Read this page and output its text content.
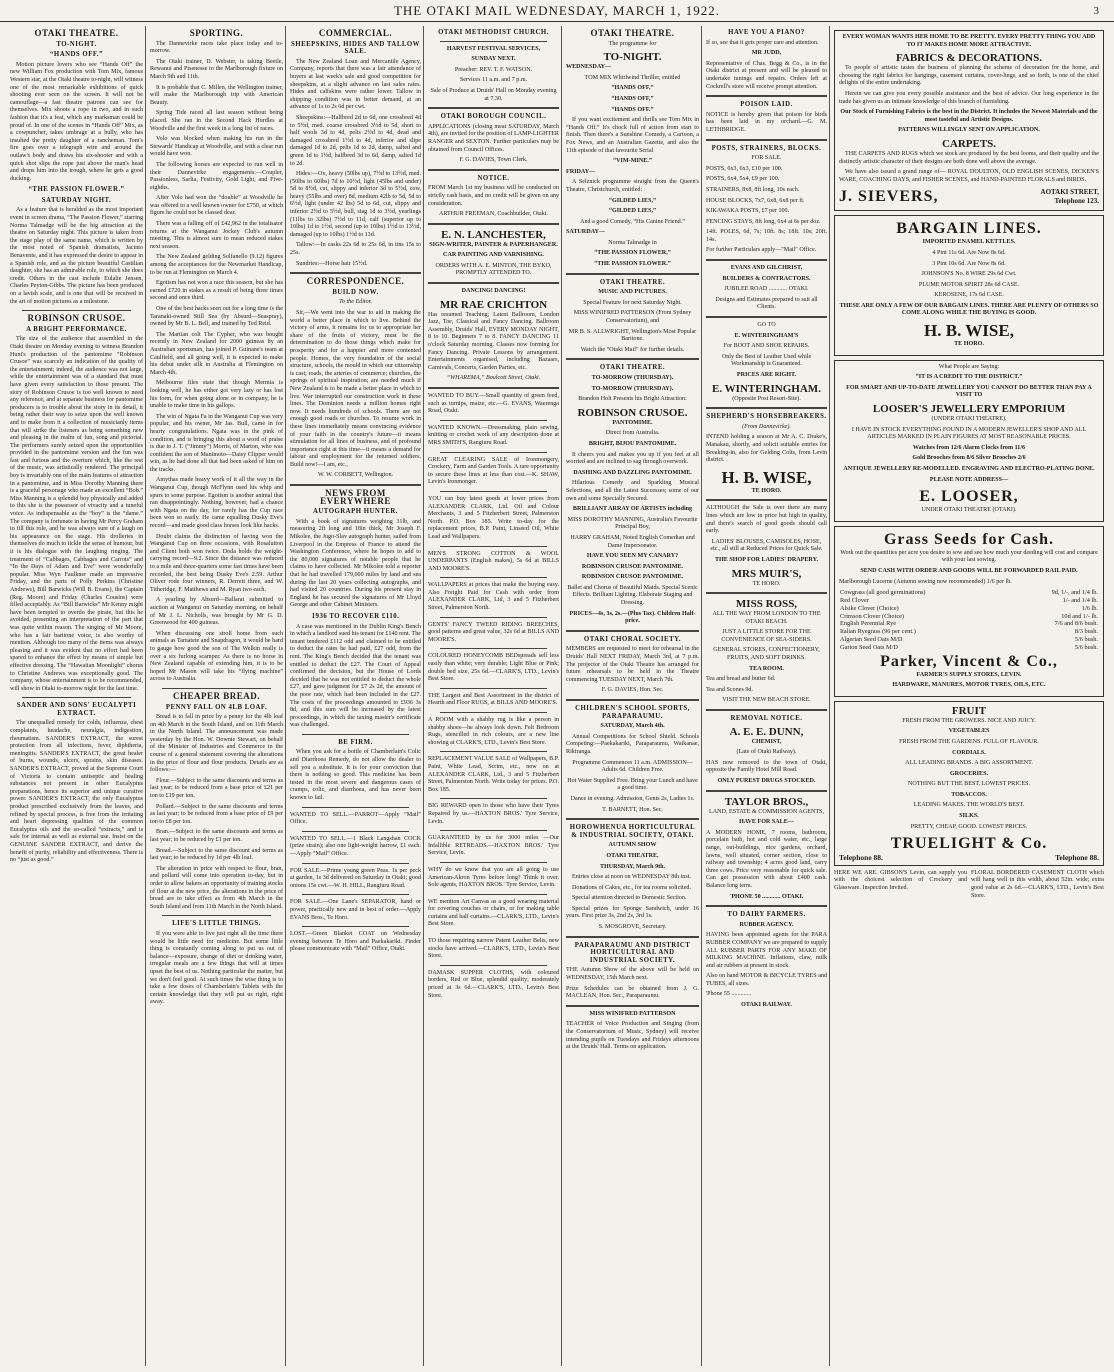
THE OTAKI MAIL WEDNESDAY, MARCH 1, 1922.	3
OTAKI THEATRE.
TO-NIGHT.
“HANDS OFF.”

Motion picture lovers who see “Hands Off” the new William Fox production with Tom Mix, famous Western star, at the Otaki theatre to-night, will witness one of the most remarkable exhibitions of quick shooting ever seen on the screen. It will not be camouflage—a fast theatre patrons can see for themselves. Mix shoots a rope in two, and in such fashion that it's a feat, which any marksman could be proud of. In one of the scenes in “Hands Off” Mix, as a cowpuncher, takes umbrage at a bully, who has insulted the pretty daughter of a rancheman. Tom's fire goes over a telegraph wire and around the outlaw's body and draws his six-shooter and with a quick shot slips the rope just above the man's head and drops him into the trough, where he gets a good ducking.

“THE PASSION FLOWER.”
SATURDAY NIGHT.

As a feature that is heralded as the most important event in screen drama, “The Passion Flower,” starring Norma Talmadge will be the big attraction at the theatre on Saturday night. This picture is taken from the stage play of the same name, which is written by the most noted of Spanish dramatists, Jacinto Benavente, and it has expressed the desire to appear in a Spanish role, and as the picture beautiful Castilian daughter, she has an admirable role, to which she does credit. Others in the cast include Eulalie Jensen, Charles Peyton-Gibbs. The picture has been produced on a lavish scale, and is one that will be received in the art of motion pictures as a milestone.

ROBINSON CRUSOE.
A BRIGHT PERFORMANCE.

The size of the audience that assembled in the Otaki theatre on Monday evening to witness Brandon Hunt's production of the pantomime “Robinson Crusoe” was scarcely an indication of the quality of the entertainment; indeed, the audience was not large, while the entertainment was of a standard that must have given every satisfaction to those present. The story of Robinson Crusoe is too well known to need any reference, and at separate business for pantomime producers is to trouble about the story in its detail, it being rather their way to seize upon the well known and to make from it a collection of musicianly items that will strike the listeners as being something new and pleasing in the realm of fun, song and pictorial. The performers surely seized upon the opportunities provided in the pantomime version and the fun was fast and furious and the overture which, like the rest of the music, was artistically rendered. The principal boy is invariably one of the main features of attraction in a pantomime, and in Miss Dorothy Manning there is a graceful personage who made an excellent “Bob.” Miss Manning is a splendid boy physically and added to this she is the possessor of vivacity and a tuneful voice. As indispensable as the “boy” is the “dame.” The company is fortunate in having Mr Percy Graham to fill this role, and he was always sure of a laugh on his appearance on the stage. His drolleries in themselves do much to tickle the sense of humour, but it is his dialogue with the laughing ringing. The treatment of “Cabbages, Cabbages and Carrots” and “In the Days of Adam and Eve” were wonderfully popular. Miss Wyn Faulkner made an impressive Friday, and the parts of Polly Perkins (Christine Andrews), Bill Barwicks (Will B. Evans), the Captain (Reg. Moore) and Friday (Charles Cousins) were filled acceptably. As “Bill Barwicks” Mr Kenny might have been tempted to overdo the pirate, but this he avoided, presenting an interpretation of the part that was quite within reason. The singing of Mr Moore, who has a fair baritone voice, is also worthy of mention. Although too many of the items was always pleasing and it was evident that no effort had been spared to enhance the effect by means of simple but effective dressing. The “Hawaiian Moonlight” chorus to Christine Andrews was exceptionally good. The company, whose entertainment is to be recommended, will show in Otaki to-morrow night for the last time.

SANDER AND SONS' EUCALYPTI EXTRACT.

The unequalled remedy for colds, influenza, chest complaints, headache, neuralgia, indigestion, rheumatism. SANDER'S EXTRACT, the surest protection from all infections, fever, diphtheria, meningitis. SANDER'S EXTRACT, the great healer of burns, wounds, ulcers, sprains, skin diseases. SANDER'S EXTRACT, proved at the Supreme Court of Victoria to contain antiseptic and healing substances not present in other Eucalyptus preparations, hence its superior and unique curative power. SANDER'S EXTRACT, the only Eucalyptus product prescribed exclusively from the leaves, and refined by special process, is free from the irritating and heart depressing qualities of the common Eucalyptus oils and the so-called “extracts,” and is safe for internal as well as external use. Insist on the GENUINE SANDER EXTRACT, and derive the benefit of purity, reliability and effectiveness. There is no “just as good.”

SPORTING.

The Dannevirke races take place today and to-morrow.

The Otaki trainer, D. Webster, is taking Beetle, Rewanui and Pisenesse to the Marlborough fixture on March 9th and 11th.

It is probable that C. Millen, the Wellington trainer, will make the Marlborough trip with American Beauty.

Spring Tide raced all last season without being placed. She ran in the Second Hack Hurdles at Woodville and the first week in a long list of races.

Volo was blocked when making his run in the Stewards' Handicap at Woodville, and with a clear run would have won.

The following horses are expected to run well in their Dannevirke engagements:—Coupler, Passionless, Sarlia, Festivity, Gold Light, and Five-eighths.

After Volo had won the “double” at Woodville he was offered to a well known owner for £750, at which figure he could not be classed dear.

There was a falling off of £42,962 in the totalisator returns at the Wanganui Jockey Club's autumn meeting. This is almost sure to mean reduced stakes next season.

The New Zealand gelding Solfanello (9.12) figures among the acceptances for the Newmarket Handicap, to be run at Flemington on March 4.

Egotism has not won a race this season, but she has earned £720 in stakes as a result of being three times second and once third.

One of the best hacks seen out for a long time is the Taranaki-owned Still Sea (by Absurd—Seaspray), owned by Mr B. L. Bell, and trained by Ted Reid.

The Martian colt The Cypher, who was bought recently in New Zealand for 2000 guineas by an Australian sportsman, has joined P. Guinane's team at Caulfield, and all going well, it is expected to make his debut under silk in Australia at Flemington on March 4th.

Melbourne files state that though Mermia is looking well, he has either got very lazy or has lost his form, for when going alone or in company, he is unable to make time in his gallops.

The win of Ngata Fa in the Wanganui Cup was very popular, and his owner, Mr Jas. Bull, came in for hearty congratulations. Ngata was in the pink of condition, and is bringing this about a word of praise is due to J. T. (“Jimmy”) Morris, of Marton, who was confident the son of Manimoto—Daisy Clipper would win, as he had done all that had been asked of him on the tracks.

Amythas made heavy work of it all the way in the Wanganui Cup, though McFlynn used his whip and spurs to some purpose. Egotism is another animal that ran disappointingly. Nothing, however, had a chance with Ngata on the day, for rarely has the Cup race been won so easily. He came equalling Dusky Eve's record—and made good class horses look like hacks.

Doubt claims the distinction of having won the Wanganui Cup on three occasions, with Rosaluiton and Client both won twice. Doda holds the weight-carrying record—9.2. Since the distance was reduced to a mile and three-quarters some fast times have been recorded, the best being Dusky Eve's 2.59. Arthur Oliver rode four winners, R. Derrett three, and W. Titheridge, F. Matthews and M. Ryan two each.

A yearling by Absurd—Ballarat submitted to auction at Wanganui on Saturday morning, on behalf of Mr J. L. Nicholls, was brought by Mr G. D. Greenwood for 400 guineas.

When discussing one stroll home from such animals as Tamatete and Snapdragon, it would be hard to gauge how good the son of The Welkin really is over a six furlong scamper. As there is no horse in New Zealand capable of extending him, it is to be hoped Mr Mason will take his “flying machine” across to Australia.

CHEAPER BREAD.
PENNY FALL ON 4LB LOAF.

Bread is to fall in price by a penny for the 4lb loaf on 4th March in the South Island, and on 11th March in the North Island. The announcement was made yesterday by the Hon. W. Downie Stewart, on behalf of the Minister of Industries and Commerce in the course of a general statement covering the alterations in the price of flour and flour products. Details are as follows:—

Flour.—Subject to the same discounts and terms as last year; to be reduced from a base price of £21 per ton to £19 per ton.

Pollard.—Subject to the same discounts and terms as last year; to be reduced from a base price of £9 per ton to £8 per ton.

Bran.—Subject to the same discounts and terms as last year; to be reduced by £1 per ton.

Bread.—Subject to the same discount and terms as last year; to be reduced by 1d per 4lb loaf.

The alteration in price with respect to flour, bran, and pollard will come into operation to-day, but in order to allow bakers an opportunity of training stocks of flour at the new price, the alterations in the price of bread are to take effect as from 4th March in the South Island and from 11th March in the North Island.

LIFE'S LITTLE THINGS.

If you were able to live just right all the time there would be little need for medicine. But some little thing is constantly coming along to put us out of balance—exposure, change of diet or drinking water, irregular meals are a few things that will at times upset the best of us. Nothing particular the matter, but we don't feel good. At such times the wise thing is to take a few doses of Chamberlain's Tablets with the certain knowledge that they will put us right, right away.

COMMERCIAL.
SHEEPSKINS, HIDES AND TALLOW SALE.

The New Zealand Loan and Mercantile Agency, Company, reports that there was a fair attendance of buyers at last week's sale and good competition for sheepskins, at a slight advance on last sales rates. Hides and calfskins were rather lower. Tallow in shipping condition was in better demand, at an advance of 1s to 2s 6d per cwt.

Sheepskins:—Halfbred 2d to 6d, one crossbred 4d to 5½d, med. coarse crossbred 3½d to 5d, short to half wools 3d to 4d, pelts 2½d to 4d, dead and damaged crossbred 1½d to 4d, inferior and slipe damaged 1d to 2d, pelts 1d to 2d, damp, salted and green 1d to 1½d, halfbred 3d to 6d, damp, salted 1d to 2d.

Hides:—Ox, heavy (50lbs up), 7½d to 13½d, med. (50lbs to 60lbs) 7d to 10½d, light (45lbs and under) 5d to 8½d, cut, slippy and inferior 3d to 5½d, cow, heavy (55lbs and over) 8d, medium 42lb to 5d, 5d to 6½d, light (under 42 lbs) 5d to 6d, cut, slippy and inferior 2½d to 5½d, bull, stag 1d to 3½d, yearlings (11lbs to 32lbs) 7½d to 11d, calf (superior up to 10lbs) 1d to 1½d, second (up to 10lbs) 1½d to 13½d, damaged (up to 10lbs) 1½d to 13d.

Tallow:—In casks 22s 6d to 25s 6d, in tins 15s to 25s.

Sundries:—Horse hair 15½d.

CORRESPONDENCE.
BUILD NOW.

To the Editor.

Sir,—We went into the war to aid in making the world a better place in which to live. Behind the victory of arms, it remains for us to appropriate her share of the fruits of victory, must be the determination to do those things which make for prosperity and for a happier and more contented people. Homes, the very foundation of the social structure, schools, the mould in which our citizenship is cast; roads, the arteries of commerce; churches, the springs of spiritual inspiration; are needed much if New Zealand is to be made a better place in which to live. War interrupted our construction work in these lines. The Dominion needs a million homes right now. It needs hundreds of schools. There are not enough good roads or churches. To resume work in these lines immediately means convincing evidence of your faith in the country's future—it means stimulation for all lines of business, and of profound importance right at this time—it means a demand for labour and employment for the returned soldiers. Build now!—I am, etc.,

W. W. CORBETT, Wellington.

NEWS FROM EVERYWHERE
AUTOGRAPH HUNTER.

With a book of signatures weighing 31lb, and measuring 2ft long and 18in thick, Mr Joseph F. Mikolee, the Jugo-Slav autograph hunter, sailed from Liverpool in the Empress of France to attend the Washington Conference, where he hopes to add to the 80,000 signatures of notable people that he claims to have collected. Mr Mikolee told a reporter that he had travelled 179,000 miles by land and sea during the last 20 years collecting autographs, and had visited 20 countries. During his present stay in England he has secured the signatures of Mr Lloyd George and other Cabinet Ministers.

1936 TO RECOVER £110.

A case was mentioned in the Dublin King's Bench in which a landlord sued his tenant for £140 rent. The tenant tendered £112 odd and claimed to be entitled to deduct the rates he had paid, £27 odd, from the rent. The King's Bench decided that the tenant was entitled to deduct the £27. The Court of Appeal confirmed the decision, but the House of Lords decided that he was not entitled to deduct the whole £27, and gave judgment for £7 2s 2d, the amount of the poor rate, which had been included in the £27. The costs of the proceedings amounted to £936 3s 8d, and this sum will be increased by the latest proceedings, in which the taxing master's certificate was challenged.

BE FIRM.

When you ask for a bottle of Chamberlain's Colic and Diarrhoea Remedy, do not allow the dealer to sell you a substitute. It is for your conviction that there is nothing so good. This medicine has been tested in the most severe and dangerous cases of cramps, colic, and diarrhoea, and has never been known to fail.

WANTED TO SELL.—PARROT—Apply “Mail” Office.

WANTED TO SELL.—1 Black Langshan COCK (prize strain); also one light-weight harrow, £1 each.—Apply “Mail” Office.

FOR SALE.—Prime young green Peas. 1s per peck at garden, 1s 3d delivered on Saturday in Otaki; good onions 15s cwt.—W. H. HILL, Rangiuru Road.

FOR SALE.—One Lane's SEPARATOR, hand or power, practically new and in best of order.—Apply EVANS Bros., Te Horo.

LOST.—Green Blanket COAT on Wednesday evening between Te Horo and Paekakariki. Finder please communicate with “Mail” Office, Otaki.

OTAKI METHODIST CHURCH.

HARVEST FESTIVAL SERVICES,

SUNDAY NEXT.

Preacher: REV. T. F. WATSON.

Services 11 a.m. and 7 p.m.

Sale of Produce at Druids' Hall on Monday evening at 7.30.

OTAKI BOROUGH COUNCIL.

APPLICATIONS (closing meat SATURDAY, March 4th), are invited for the position of LAMP-LIGHTER RANGER and SEXTON. Further particulars may be obtained from Council Offices.

F. G. DAVIES, Town Clerk.

NOTICE.

FROM March 1st my business will be conducted on strictly cash basis, and no credit will be given on any consideration.

ARTHUR FREEMAN, Coachbuilder, Otaki.

E. N. LANCHESTER,

SIGN-WRITER, PAINTER & PAPERHANGER.

CAR PAINTING AND VARNISHING.

ORDERS WITH A. E. MINTON, THE BYKO, PROMPTLY ATTENDED TO.

DANCING! DANCING!

MR RAE CRICHTON

Has resumed Teaching; Latest Ballroom, London Jazz, Toe, Classical and Fancy Dancing. Ballroom Assembly, Druids' Hall, EVERY MONDAY NIGHT, 8 to 10. Beginners 7 to 8. FANCY DANCING 11 o'clock Saturday morning. Classes now forming for Fancy Dancing. Private Lessons by arrangement. Entertainments organised, including Bazaars, Carnivals, Concerts, Garden Parties, etc.

“WHAREMA,” Boulcott Street, Otaki.

WANTED TO BUY.—Small quantity of green feed, such as turnips, maize, etc.—G. EVANS, Waerenga Road, Otaki.

WANTED KNOWN.—Dressmaking, plain sewing, knitting or crochet work of any description done at MRS SMITH'S, Rangiuru Road.

GREAT CLEARING SALE of Ironmongery, Crockery, Farm and Garden Tools. A rare opportunity to secure these lines at less than cost.—K. SHAW, Levin's Ironmonger.

YOU can buy latest goods at lower prices from ALEXANDER CLARK, Ltd. Oil and Colour Merchants, 3 and 5 Fitzherbert Street, Palmerston North. P.O. Box 185. Write to-day for the replacement prices, B.P. Paint, Linseed Oil, White Lead and Wallpapers.

MEN'S STRONG COTTON & WOOL UNDERPANTS (English makes), 5s 6d at BILLS AND MOORE'S.

WALLPAPERS at prices that make the buying easy. Also Freight Paid for Cash with order from ALEXANDER CLARK, Ltd, 3 and 5 Fitzherbert Street, Palmerston North.

GENTS' FANCY TWEED RIDING BREECHES, good patterns and great value, 32s 6d at BILLS AND MOORE'S.

COLOURED HONEYCOMB BEDspreads sell less easily than white; very durable; Light Blue or Pink; double bed size, 25s 6d.—CLARK'S, LTD., Levin's Best Store.

THE Largest and Best Assortment in the district of Hearth and Floor RUGS, at BILLS AND MOORE'S.

A ROOM with a shabby rug is like a person in shabby shoes—he always look down. Felt Bedroom Rugs, stencilled in rich colours, are a new line showing at CLARK'S, LTD., Levin's Best Store.

REPLACEMENT VALUE SALE of Wallpapers, B.P. Paint, White Lead, Scrim, etc., now on at ALEXANDER CLARK, Ltd., 3 and 5 Fitzherbert Street, Palmerston North. Write today for prices. P.O. Box 185.

BIG REWARD open to those who have their Tyres Repaired by us.—HAXTON BROS.' Tyre Service, Levin.

GUARANTEED by us for 3000 miles —Our Infallible RETREADS.—HAXTON BROS.' Tyre Service, Levin.

WHY do we know that you are all going to use American-Akron Tyres before long? Think it over. Sole agents, HAXTON BROS.' Tyre Service, Levin.

WE mention Art Canvas as a good wearing material for covering couches or chairs, or for making table curtains and half curtains.—CLARK'S, LTD., Levin's Best Store.

TO those requiring narrow Patent Leather Belts, new stocks have arrived.—CLARK'S, LTD., Levin's Best Store.

DAMASK SUPPER CLOTHS, with coloured borders, Red or Blue, splendid quality; moderately priced at 3s 6d.—CLARK'S, LTD., Levin's Best Store.

OTAKI THEATRE.

The programme for

TO-NIGHT.

WEDNESDAY—

TOM MIX Whirlwind Thriller, entitled

“HANDS OFF,”

“HANDS OFF,”

“HANDS OFF.”

If you want excitement and thrills see Tom Mix in “Hands Off.” It's chock full of action from start to finish. Then there's a Sunshine Comedy, a Cartoon, a Fox News, and an Australian Gazette, and also the 11th episode of that favourite Serial

“VIM-MINE.”

FRIDAY—

A Selznick programme straight from the Queen's Theatre, Christchurch, entitled:

“GILDED LIES,”

“GILDED LIES,”

And a good Comedy, “His Canine Friend.”

SATURDAY—

Norma Talmadge in

“THE PASSION FLOWER,”

“THE PASSION FLOWER.”

OTAKI THEATRE.

MUSIC AND PICTURES.

Special Feature for next Saturday Night.

MISS WINIFRED PATTERSON (From Sydney Conservatorium), and

MR B. S. ALLWRIGHT, Wellington's Most Popular Baritone.

Watch the “Otaki Mail” for further details.

OTAKI THEATRE.

TO-MORROW (THURSDAY).

TO-MORROW (THURSDAY).

Brandon Holt Presents his Bright Attraction:

ROBINSON CRUSOE.

PANTOMIME.

Direct from Australia.

BRIGHT, BIJOU PANTOMIME.

It cheers you and makes you up if you feel at all worried and are inclined to sag through overwork.

DASHING AND DAZZLING PANTOMIME.

Hilarious Comedy and Sparkling Musical Selections, and all the Latest Successes; some of our own and some Specially Secured.

BRILLIANT ARRAY OF ARTISTS including

MISS DOROTHY MANNING, Australia's Favourite Principal Boy,

HARRY GRAHAM, Noted English Comedian and Dame Impersonator.

HAVE YOU SEEN MY CANARY?

ROBINSON CRUSOE PANTOMIME.

ROBINSON CRUSOE PANTOMIME.

Ballet and Chorus of Beautiful Maids. Special Scenic Effects. Brilliant Lighting. Elaborate Staging and Dressing.

PRICES—4s, 3s, 2s.—(Plus Tax). Children Half-price.

OTAKI CHORAL SOCIETY.

MEMBERS are requested to meet for rehearsal in the Druids' Hall NEXT FRIDAY, March 3rd, at 7 p.m. The projector of the Otaki Theatre has arranged for future rehearsals to be held in the Theatre commencing TUESDAY NEXT, March 7th.

F. G. DAVIES, Hon. Sec.

CHILDREN'S SCHOOL SPORTS, PARAPARAUMU.

SATURDAY, March 4th.

Annual Competitions for School Shield. Schools Competing:—Paekakariki, Paraparaumu, Waikanae, Rikiranga.

Programme Commences 11 a.m. ADMISSION—Adults 6d. Children Free.

Hot Water Supplied Free. Bring your Lunch and have a good time.

Dance in evening. Admission, Gents 2s, Ladies 1s.

T. BARNETT, Hon. Sec.

HOROWHENUA HORTICULTURAL & INDUSTRIAL SOCIETY, OTAKI.

AUTUMN SHOW

OTAKI THEATRE,

THURSDAY, March 9th.

Entries close at noon on WEDNESDAY 8th inst.

Donations of Cakes, etc., for tea rooms solicited.

Special attention directed to Domestic Section.

Special prizes for Sponge Sandwich, under 16 years. First prize 3s, 2nd 2s, 3rd 1s.

S. MOSGROVE, Secretary.

PARAPARAUMU AND DISTRICT HORTICULTURAL AND INDUSTRIAL SOCIETY.

THE Autumn Show of the above will be held on WEDNESDAY, 15th March next.

Prize Schedules can be obtained from J. G. MACLEAN, Hon. Sec., Paraparaumu.

MISS WINIFRED PATTERSON

TEACHER of Voice Production and Singing (from the Conservatorium of Music, Sydney) will receive intending pupils on Tuesdays and Fridays afternoons at the Druids' Hall. Terms on application.

HAVE YOU A PIANO?

If so, see that it gets proper care and attention.

MR JUDD,

Representative of Chas. Begg & Co., is in the Otaki district at present and will be pleased to undertake tunings and repairs. Orders left at Cockrell's store will receive prompt attention.

POISON LAID.

NOTICE is hereby given that poison for birds has been laid in my orchard.—G. M. LETHBRIDGE.

POSTS, STRAINERS, BLOCKS.

FOR SALE.

POSTS, 6x3, 6x3, £10 per 100.

POSTS, 6x4, 5x4, £9 per 100.

STRAINERS, 8x8, 8ft long, 10s each.

HOUSE BLOCKS, 7x7, 6x8, 6x8 per ft.

KIKAWAKA POSTS, £7 per 100.

FENCING STAYS, 8ft long, 6x4 at 6s per doz.

14ft. POLES, 6d, 7s; 10ft. 8s; 18ft. 10s; 20ft. 14s.

For further Particulars apply—"Mail" Office.

EVANS AND GILCHRIST,

BUILDERS & CONTRACTORS.

JUBILEE ROAD ............ OTAKI.

Designs and Estimates prepared to suit all Clients.

GO TO

E. WINTERINGHAM'S

For BOOT AND SHOE REPAIRS.

Only the Best of Leather Used while Workmanship is Guaranteed.

PRICES ARE RIGHT.

E. WINTERINGHAM.

(Opposite Post Resort-Site).

SHEPHERD'S HORSEBREAKERS.

(From Dannevirke).

INTEND holding a season at Mr A. C. Drake's, Manakau, shortly, and solicit suitable entries for Breaking-in, also for Gelding Colts, from Levin district.

H. B. WISE,

TE HORO.

ALTHOUGH the Sale is over there are many lines which are low in price but high in quality, and there's search of good goods should call early.

LADIES' BLOUSES, CAMISOLES, HOSE, etc., all still at Reduced Prices for Quick Sale.

THE SHOP FOR LADIES' DRAPERY.

MRS MUIR'S,

TE HORO.

MISS ROSS,

ALL THE WAY FROM LONDON TO THE OTAKI BEACH.

JUST A LITTLE STORE FOR THE CONVENIENCE OF SEA-SIDERS.

GENERAL STORES, CONFECTIONERY, FRUITS, AND SOFT DRINKS.

TEA ROOM.

Tea and bread and butter 6d.

Tea and Scones 9d.

VISIT THE NEW BEACH STORE.

REMOVAL NOTICE.
A. E. E. DUNN,

CHEMIST,

(Late of Otaki Railway).

HAS now removed to the town of Otaki, opposite the Family Hotel Mill Road.

ONLY PUREST DRUGS STOCKED.

TAYLOR BROS.,

LAND, ESTATE & COMMISSION AGENTS,

HAVE FOR SALE—

A MODERN HOME, 7 rooms, bathroom, porcelain bath, hot and cold water, etc., large range, out-buildings, nice gardens, orchard, lawns, well situated, corner section, close to railway and township; 4 acres good land, carry three cows. Price very reasonable for quick sale. Can get possession with about £400 cash. Balance long term.

'PHONE 50 ............ OTAKI.

TO DAIRY FARMERS.

RUBBER AGENCY.

HAVING been appointed agents for the PARA RUBBER COMPANY we are prepared to supply ALL RUBBER PARTS FOR ANY MAKE OF MILKING MACHINE. Inflations, claw, milk and air rubbers at present in stock.

Also on hand MOTOR & BICYCLE TYRES and TUBES, all sizes.

'Phone 55 .............

OTAKI RAILWAY.

EVERY WOMAN WANTS HER HOME TO BE PRETTY. EVERY PRETTY THING YOU ADD TO IT MAKES HOME MORE ATTRACTIVE.

FABRICS & DECORATIONS.

To people of artistic tastes the business of planning the scheme of decoration for the home, and choosing the right fabrics for hangings, casement curtains, cover-lings, and so forth, is one of the chief delights of the entire undertaking.

Herein we can give you every possible assistance and the best of advice. Our long experience in the trade has given us an intimate knowledge of this branch of furnishing.

Our Stock of Furnishing Fabrics is the best in the District. It includes the Newest Materials and the most tasteful and Artistic Designs.

PATTERNS WILLINGLY SENT ON APPLICATION.

CARPETS.

THE CARPETS AND RUGS which we stock are produced by the best looms, and their quality and the distinctly artistic character of their designs are both done well above the average.

We have also issued a grand range of— ROYAL DOULTON, OLD ENGLISH SCENES, DICKEN'S WARE, COACHING DAYS, and FISHER SCENES, and HAND-PAINTED FLORALS and BIRDS.

J. SIEVERS,	AOTAKI STREET,
Telephone 123.
BARGAIN LINES.

IMPORTED ENAMEL KETTLES.

4 Pint 11s 6d. Are Now 8s 6d.

3 Pint 10s 6d. Are Now 8s 6d.

JOHNSON'S No. 8 WIRE 29s 6d Cwt.

PLUME MOTOR SPIRIT 28s 6d CASE.

KEROSENE, 17s 6d CASE.

THESE ARE ONLY A FEW OF OUR BARGAIN LINES. THERE ARE PLENTY OF OTHERS SO COME ALONG WHILE THE BUYING IS GOOD.

H. B. WISE,

TE HORO.

What People are Saying:

“IT IS A CREDIT TO THE DISTRICT.”

FOR SMART AND UP-TO-DATE JEWELLERY YOU CANNOT DO BETTER THAN PAY A VISIT TO

LOOSER'S JEWELLERY EMPORIUM

(UNDER OTAKI THEATRE).

I HAVE IN STOCK EVERYTHING FOUND IN A MODERN JEWELLER'S SHOP AND ALL ARTICLES MARKED IN PLAIN FIGURES AT MOST REASONABLE PRICES.

Watches from 12/6 Alarm Clocks from 11/6

Gold Brooches from 8/6 Silver Brooches 2/6

ANTIQUE JEWELLERY RE-MODELLED. ENGRAVING AND ELECTRO-PLATING DONE.

PLEASE NOTE ADDRESS—

E. LOOSER,

UNDER OTAKI THEATRE (OTAKI).

Grass Seeds for Cash.

Work out the quantities per acre you desire to sow and see how much your deeding will cost and compare with your last sowing.

SEND CASH WITH ORDER AND GOODS WILL BE FORWARDED RAIL PAID.

Marlborough Lucerne (Autumn sowing now recommended) 1/6 per lb.

Cowgrass (all good germinations)	9d, 1/-, and 1/4 lb.
Red Clover	1/- and 1/4 lb.
Alsike Clover (Choice)	1/6 lb.
Crimson Clover (Choice)	10d and 1/- lb.
English Perennial Rye	7/6 and 8/6 bush.
Italian Ryegrass (96 per cent.)	8/3 bush.
Algerian Seed Oats M/D	5/6 bush.
Garton Seed Oats M/D	5/6 bush.
Parker, Vincent & Co.,

FARMER'S SUPPLY STORES, LEVIN.

HARDWARE, MANURES, MOTOR TYRES, OILS, ETC.

FRUIT

FRESH FROM THE GROWERS. NICE AND JUICY.

VEGETABLES

FRESH FROM THE GARDENS. FULL OF FLAVOUR.

CORDIALS.

ALL LEADING BRANDS. A BIG ASSORTMENT.

GROCERIES.

NOTHING BUT THE BEST. LOWEST PRICES.

TOBACCOS.

LEADING MAKES. THE WORLD'S BEST.

SILKS.

PRETTY, CHEAP, GOOD. LOWEST PRICES.

TRUELIGHT & Co.
Telephone 88.	Telephone 88.

HERE WE ARE. GIBSON'S Levin, can supply you with the choicest selection of Crockery and Glassware. Inspection Invited.

FLORAL BORDERED CASEMENT CLOTH which will hang well in this width, about 52in. wide; extra good value at 2s 6d.—CLARK'S, LTD., Levin's Best Store.
